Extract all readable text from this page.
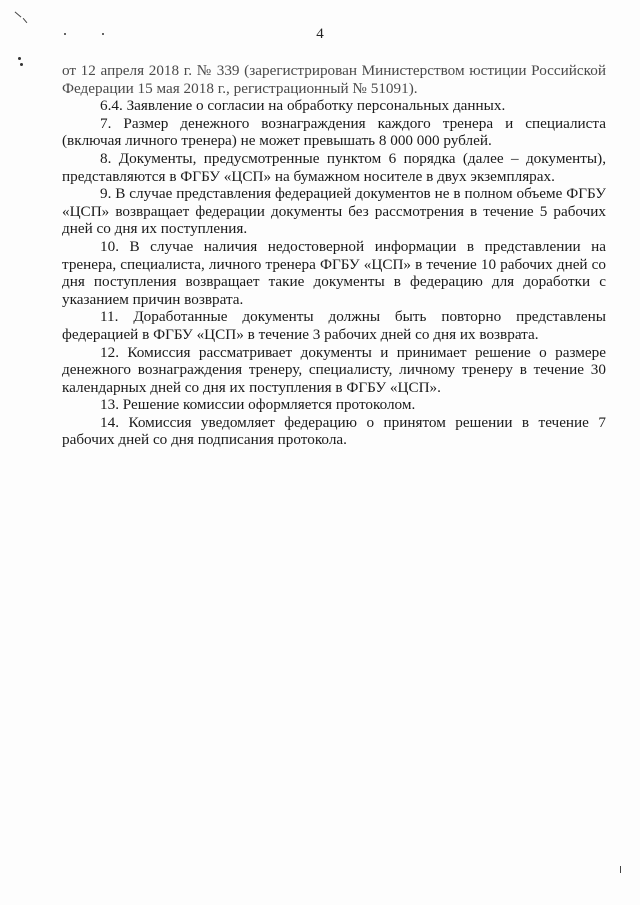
4

от 12 апреля 2018 г. № 339 (зарегистрирован Министерством юстиции Российской Федерации 15 мая 2018 г., регистрационный № 51091).

6.4. Заявление о согласии на обработку персональных данных.

7. Размер денежного вознаграждения каждого тренера и специалиста (включая личного тренера) не может превышать 8 000 000 рублей.

8. Документы, предусмотренные пунктом 6 порядка (далее – документы), представляются в ФГБУ «ЦСП» на бумажном носителе в двух экземплярах.

9. В случае представления федерацией документов не в полном объеме ФГБУ «ЦСП» возвращает федерации документы без рассмотрения в течение 5 рабочих дней со дня их поступления.

10. В случае наличия недостоверной информации в представлении на тренера, специалиста, личного тренера ФГБУ «ЦСП» в течение 10 рабочих дней со дня поступления возвращает такие документы в федерацию для доработки с указанием причин возврата.

11. Доработанные документы должны быть повторно представлены федерацией в ФГБУ «ЦСП» в течение 3 рабочих дней со дня их возврата.

12. Комиссия рассматривает документы и принимает решение о размере денежного вознаграждения тренеру, специалисту, личному тренеру в течение 30 календарных дней со дня их поступления в ФГБУ «ЦСП».

13. Решение комиссии оформляется протоколом.

14. Комиссия уведомляет федерацию о принятом решении в течение 7 рабочих дней со дня подписания протокола.
